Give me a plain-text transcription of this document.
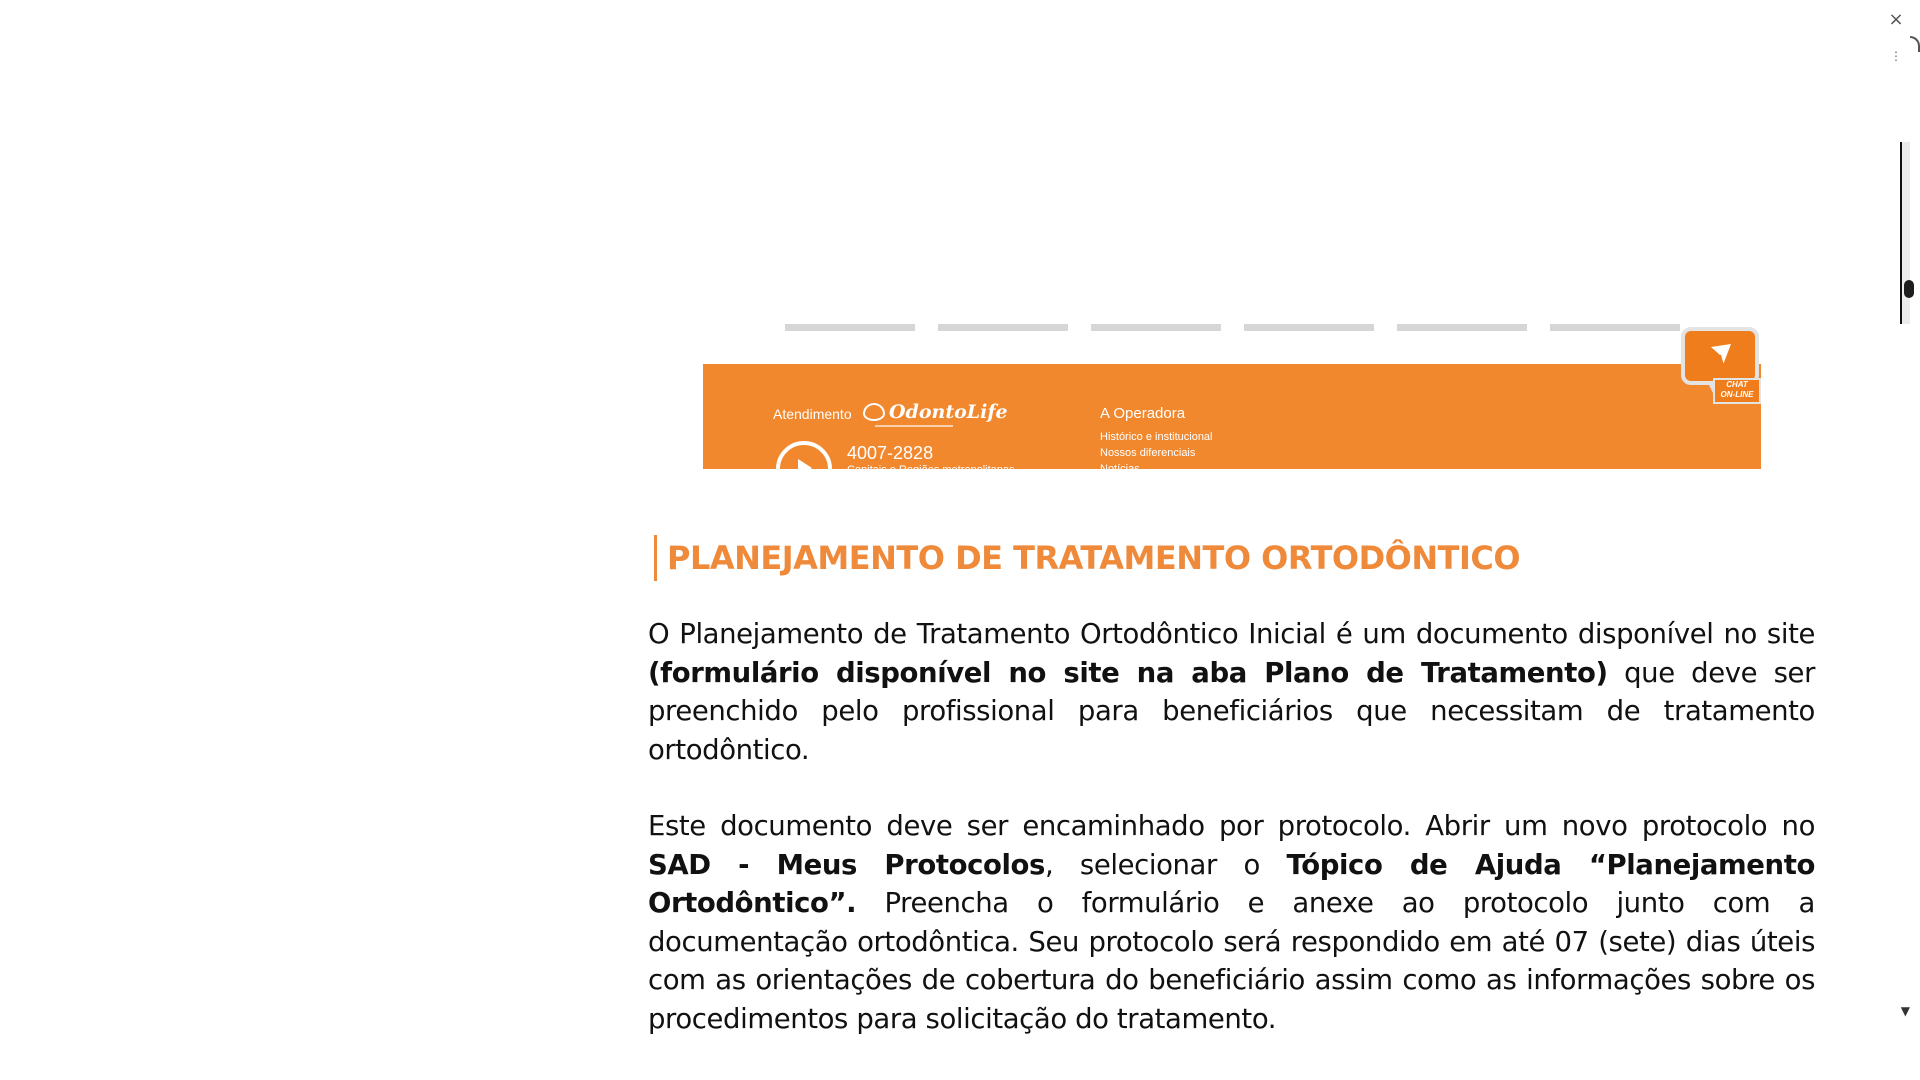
×
⋮
▼
Atendimento OdontoLife
4007-2828
Capitais e Regiões metropolitanas
A Operadora
Histórico e institucional
Nossos diferenciais
Notícias
CHAT
ON-LINE
PLANEJAMENTO DE TRATAMENTO ORTODÔNTICO

O Planejamento de Tratamento Ortodôntico Inicial é um documento disponível no site (formulário disponível no site na aba Plano de Tratamento) que deve ser preenchido pelo profissional para beneficiários que necessitam de tratamento ortodôntico.

Este documento deve ser encaminhado por protocolo. Abrir um novo protocolo no SAD - Meus Protocolos, selecionar o Tópico de Ajuda “Planejamento Ortodôntico”. Preencha o formulário e anexe ao protocolo junto com a documentação ortodôntica. Seu protocolo será respondido em até 07 (sete) dias úteis com as orientações de cobertura do beneficiário assim como as informações sobre os procedimentos para solicitação do tratamento.
